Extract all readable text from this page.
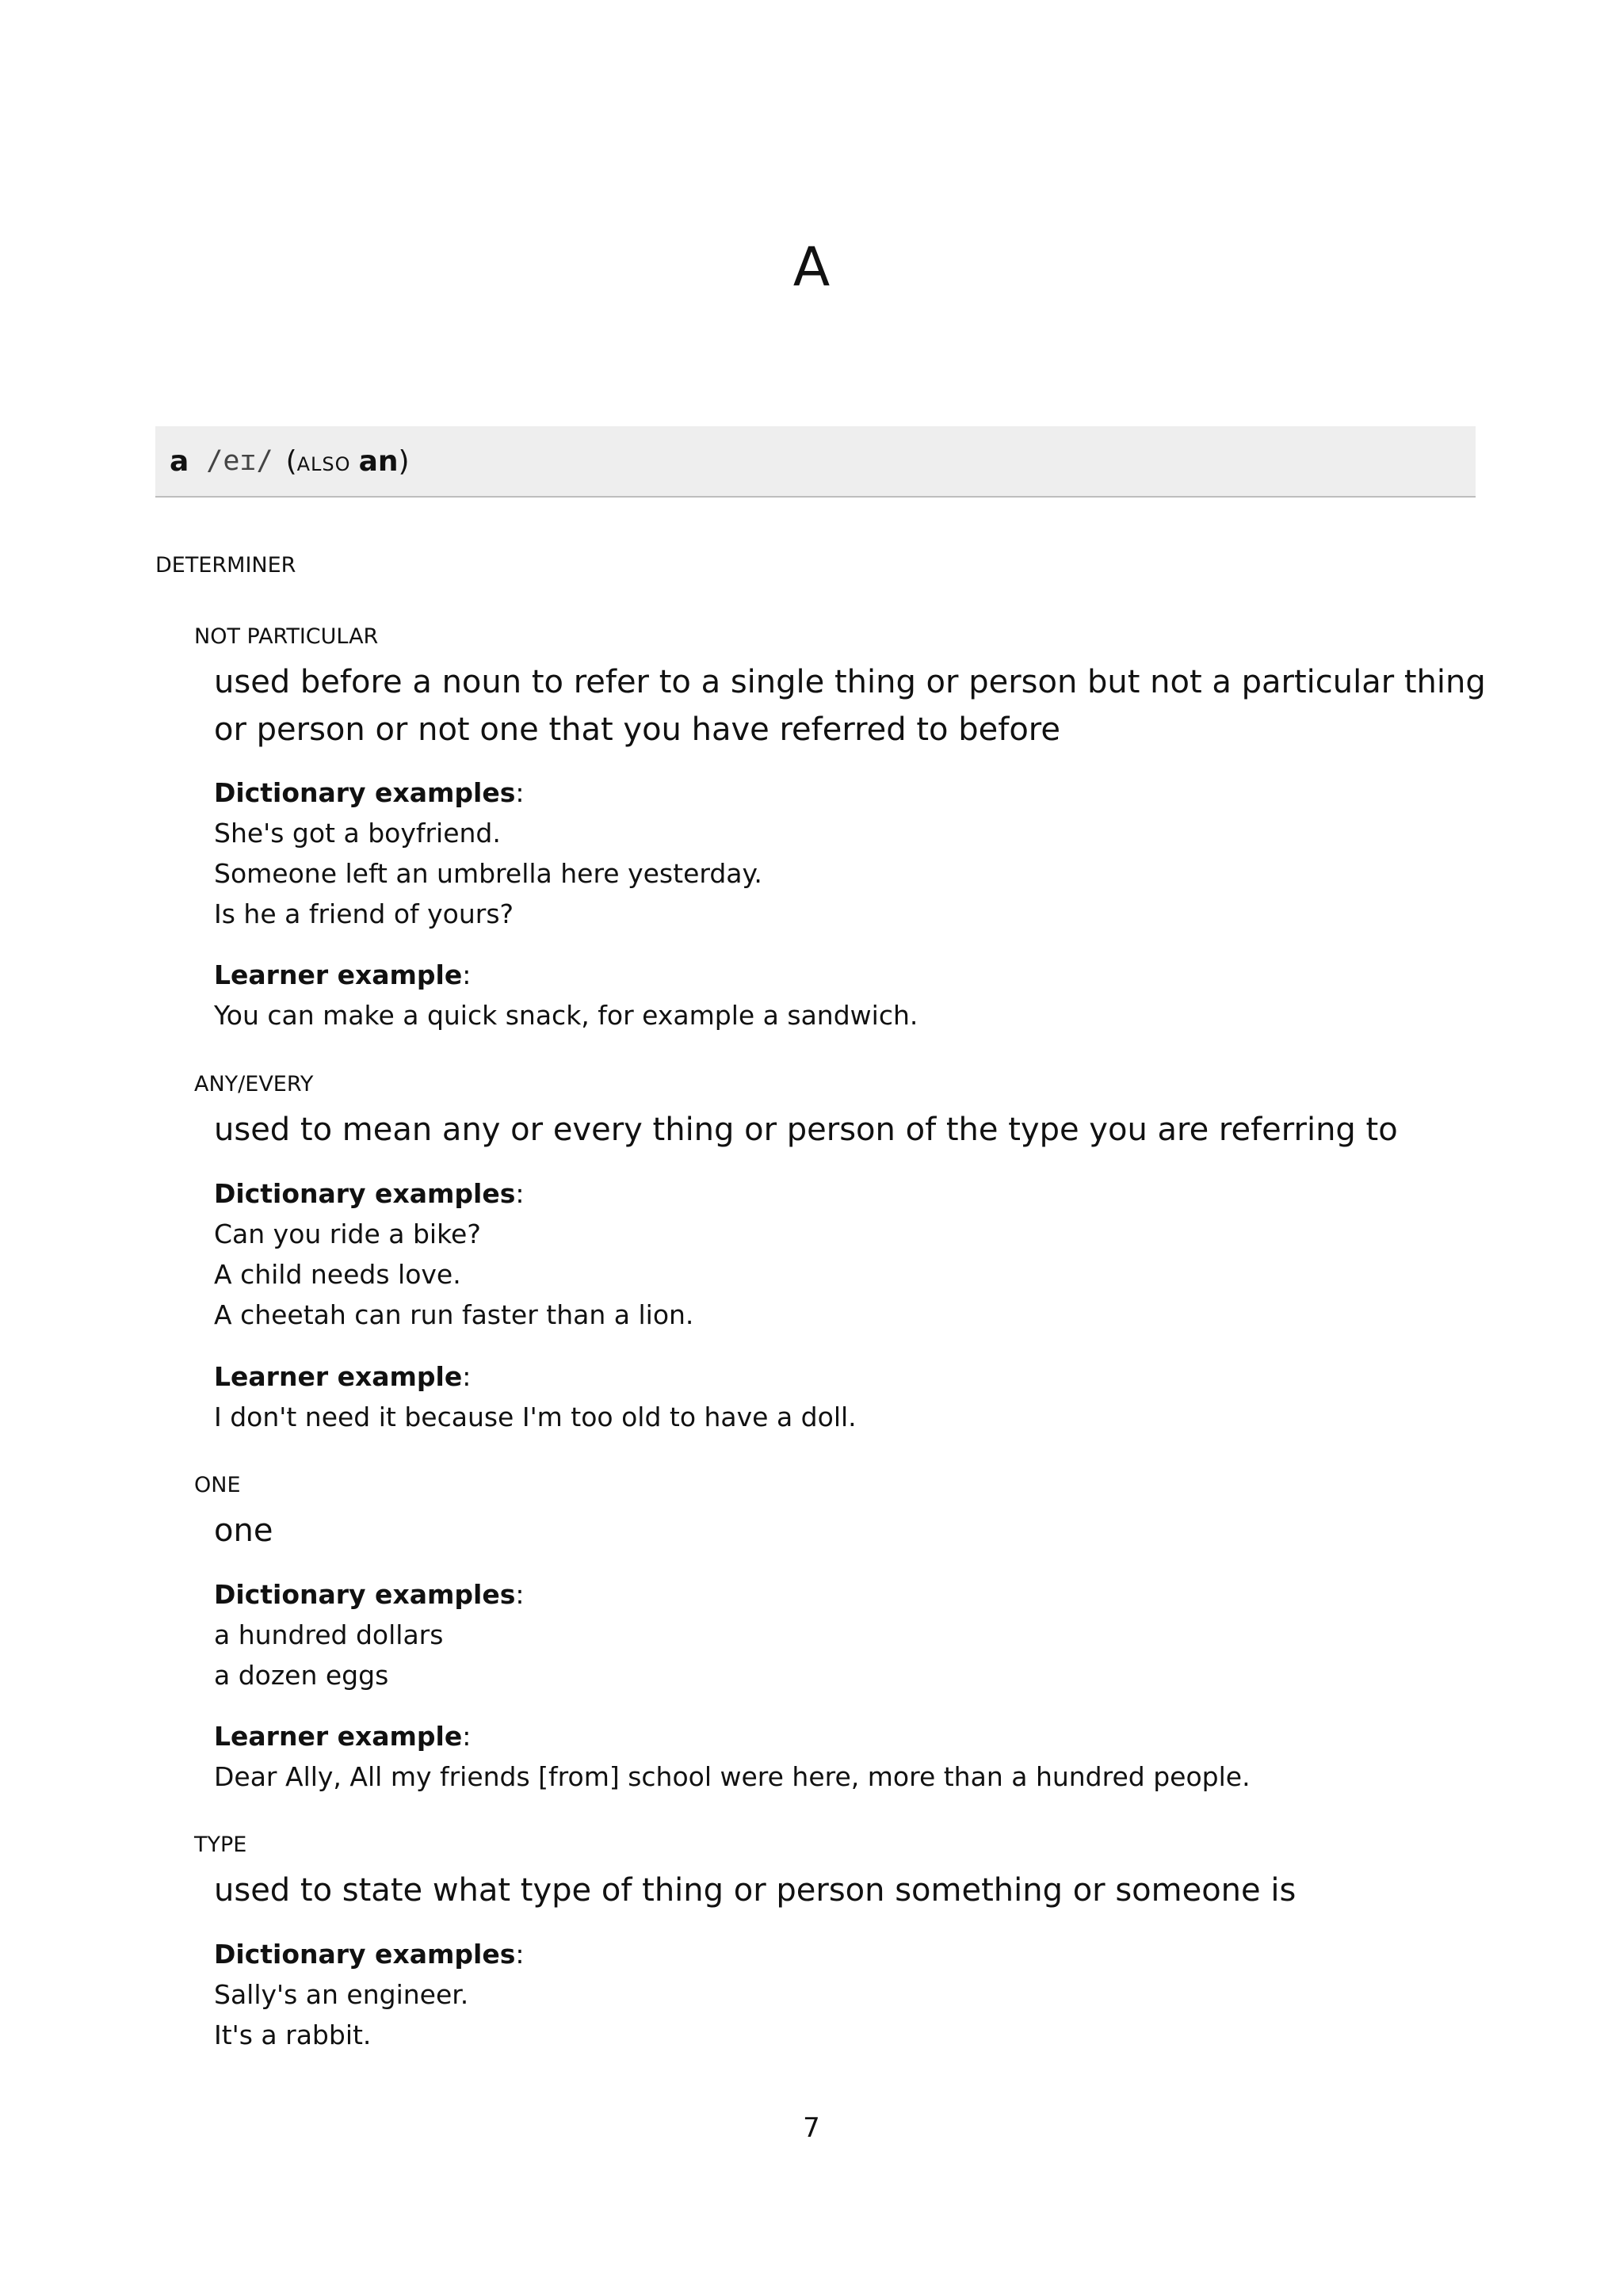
A
a /eɪ/ (ALSO an)
DETERMINER
NOT PARTICULAR
used before a noun to refer to a single thing or person but not a particular thing or person or not one that you have referred to before
Dictionary examples:
She's got a boyfriend.
Someone left an umbrella here yesterday.
Is he a friend of yours?
Learner example:
You can make a quick snack, for example a sandwich.
ANY/EVERY
used to mean any or every thing or person of the type you are referring to
Dictionary examples:
Can you ride a bike?
A child needs love.
A cheetah can run faster than a lion.
Learner example:
I don't need it because I'm too old to have a doll.
ONE
one
Dictionary examples:
a hundred dollars
a dozen eggs
Learner example:
Dear Ally, All my friends [from] school were here, more than a hundred people.
TYPE
used to state what type of thing or person something or someone is
Dictionary examples:
Sally's an engineer.
It's a rabbit.
7
